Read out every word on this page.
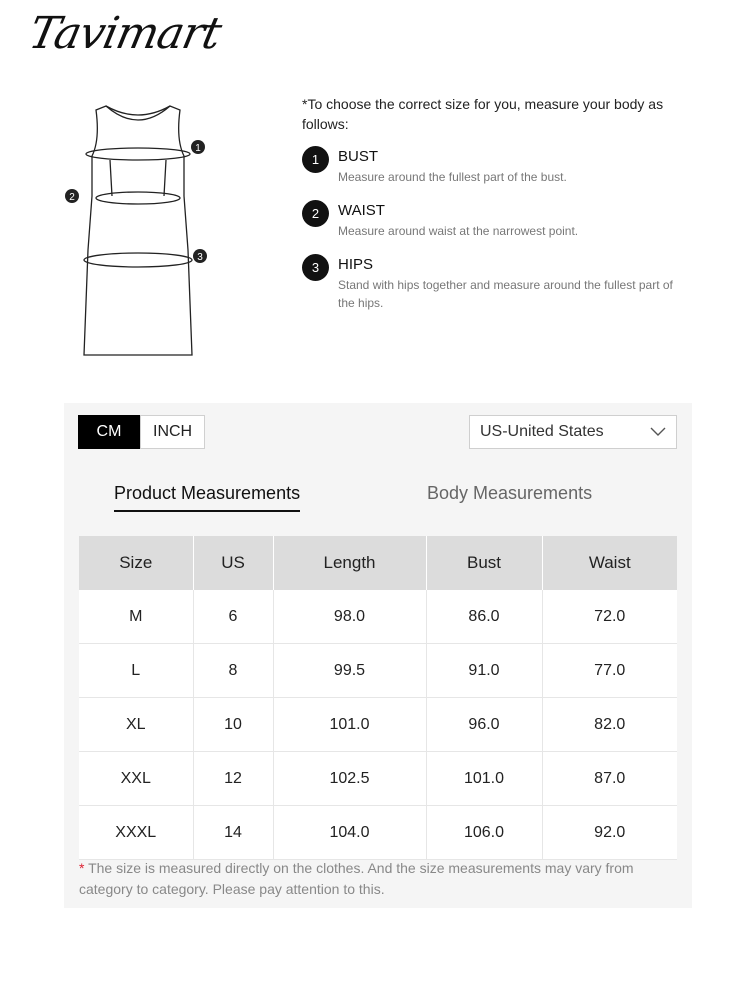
Tavimart
1
2
3

*To choose the correct size for you, measure your body as follows:

1	BUST
Measure around the fullest part of the bust.
2	WAIST
Measure around waist at the narrowest point.
3	HIPS
Stand with hips together and measure around the fullest part of the hips.
CM	INCH	US-United States
Product Measurements	Body Measurements
Size	US	Length	Bust	Waist
M	6	98.0	86.0	72.0
L	8	99.5	91.0	77.0
XL	10	101.0	96.0	82.0
XXL	12	102.5	101.0	87.0
XXXL	14	104.0	106.0	92.0
* The size is measured directly on the clothes. And the size measurements may vary from category to category. Please pay attention to this.
